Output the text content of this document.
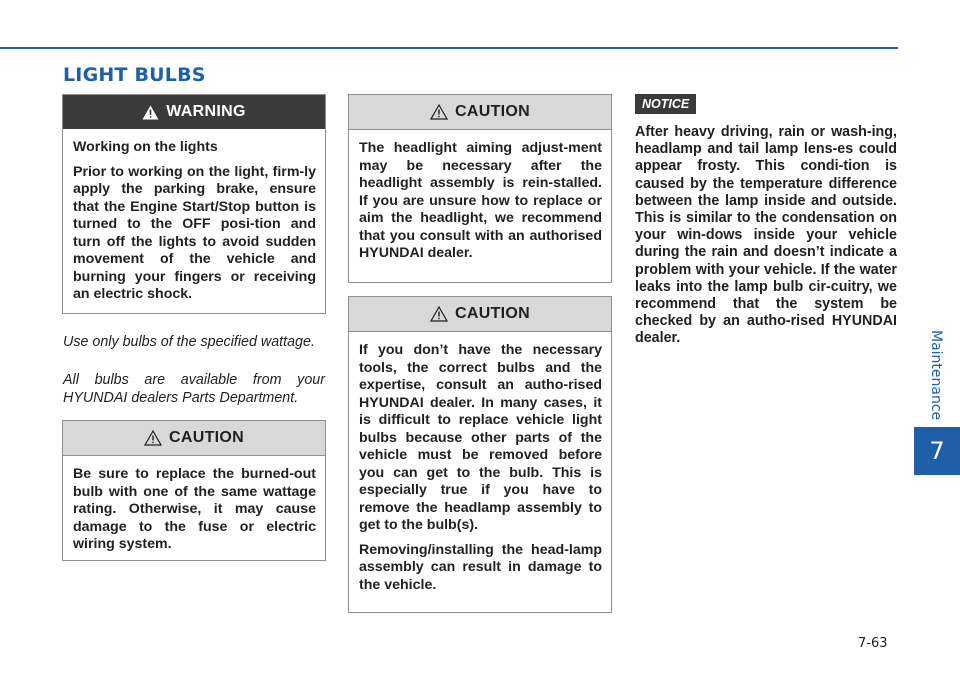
LIGHT BULBS
Maintenance
7
WARNING

Working on the lights

Prior to working on the light, firm-ly apply the parking brake, ensure that the Engine Start/Stop button is turned to the OFF posi-tion and turn off the lights to avoid sudden movement of the vehicle and burning your fingers or receiving an electric shock.

Use only bulbs of the specified wattage.

All bulbs are available from your HYUNDAI dealers Parts Department.

CAUTION

Be sure to replace the burned-out bulb with one of the same wattage rating. Otherwise, it may cause damage to the fuse or electric wiring system.

CAUTION

The headlight aiming adjust-ment may be necessary after the headlight assembly is rein-stalled. If you are unsure how to replace or aim the headlight, we recommend that you consult with an authorised HYUNDAI dealer.

CAUTION

If you don’t have the necessary tools, the correct bulbs and the expertise, consult an autho-rised HYUNDAI dealer. In many cases, it is difficult to replace vehicle light bulbs because other parts of the vehicle must be removed before you can get to the bulb. This is especially true if you have to remove the headlamp assembly to get to the bulb(s).

Removing/installing the head-lamp assembly can result in damage to the vehicle.

NOTICE

After heavy driving, rain or wash-ing, headlamp and tail lamp lens-es could appear frosty. This condi-tion is caused by the temperature difference between the lamp inside and outside. This is similar to the condensation on your win-dows inside your vehicle during the rain and doesn’t indicate a problem with your vehicle. If the water leaks into the lamp bulb cir-cuitry, we recommend that the system be checked by an autho-rised HYUNDAI dealer.

7-63
